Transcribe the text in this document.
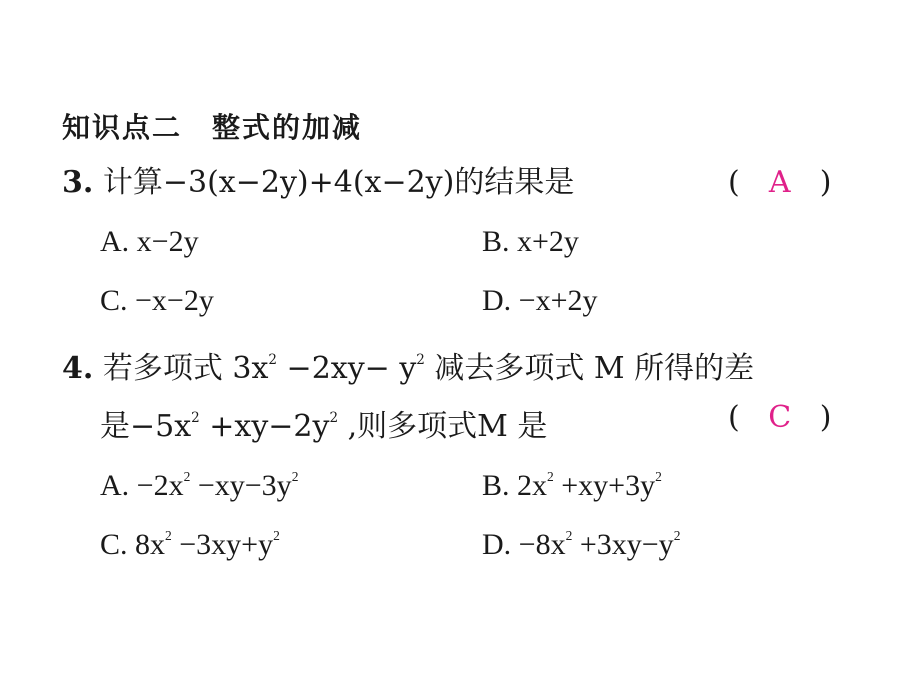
知识点二　整式的加减
3. 计算−3(x−2y)+4(x−2y)的结果是	( A )
A. x−2y	B. x+2y
C. −x−2y	D. −x+2y
4. 若多项式 $3x^2 -2xy- y^2$ 减去多项式 M 所得的差
是$-5x^2 +xy-2y^2$ ,则多项式M 是	( C )
A. $-2x^2 -xy-3y^2$	B. $2x^2 +xy+3y^2$
C. $8x^2 -3xy+y^2$	D. $-8x^2 +3xy-y^2$
